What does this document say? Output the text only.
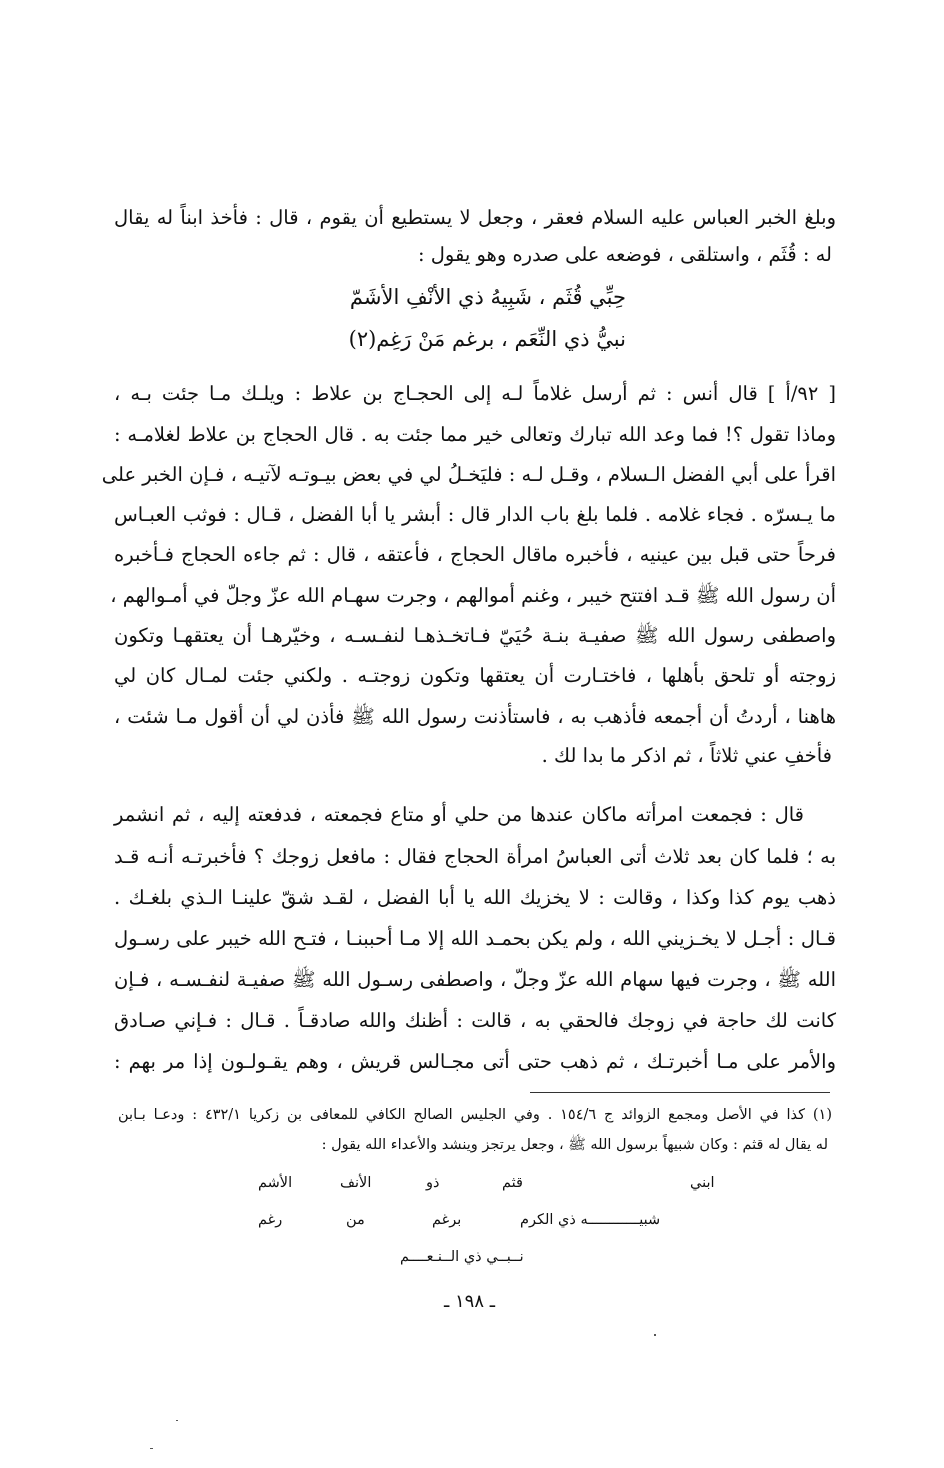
وبلغ الخبر العباس عليه السلام فعقر ، وجعل لا يستطيع أن يقوم ، قال : فأخذ ابناً له يقال
له : قُثَم ، واستلقى ، فوضعه على صدره وهو يقول :
حِبِّي قُثَم ، شَبِيهُ ذي الأنْفِ الأشَمّ
نبيُّ ذي النِّعَم ، برغم مَنْ رَغِم(٢)
[ ٩٢/أ ] قال أنس : ثم أرسل غلاماً لـه إلى الحجـاج بن علاط : ويلـك مـا جئت بـه ،
وماذا تقول ؟! فما وعد الله تبارك وتعالى خير مما جئت به . قال الحجاج بن علاط لغلامـه :
اقرأ على أبي الفضل الـسلام ، وقـل لـه : فليَخـلُ لي في بعض بيـوتـه لآتيـه ، فـإن الخبر على
ما يـسرّه . فجاء غلامه . فلما بلغ باب الدار قال : أبشر يا أبا الفضل ، قـال : فوثب العبـاس
فرحاً حتى قبل بين عينيه ، فأخبره ماقال الحجاج ، فأعتقه ، قال : ثم جاءه الحجاج فـأخبره
أن رسول الله ﷺ قـد افتتح خيبر ، وغنم أموالهم ، وجرت سهـام الله عزّ وجلّ في أمـوالهم ،
واصطفى رسول الله ﷺ صفيـة بنـة حُيَيّ فـاتخـذهـا لنفـسـه ، وخيّرهـا أن يعتقهـا وتكون
زوجته أو تلحق بأهلها ، فاختـارت أن يعتقها وتكون زوجتـه . ولكني جئت لمـال كان لي
هاهنا ، أردتُ أن أجمعه فأذهب به ، فاستأذنت رسول الله ﷺ فأذن لي أن أقول مـا شئت ،
فأخفِ عني ثلاثاً ، ثم اذكر ما بدا لك .
قال : فجمعت امرأته ماكان عندها من حلي أو متاع فجمعته ، فدفعته إليه ، ثم انشمر
به ؛ فلما كان بعد ثلاث أتى العباسُ امرأة الحجاج فقال : مافعل زوجك ؟ فأخبرتـه أنـه قـد
ذهب يوم كذا وكذا ، وقالت : لا يخزيك الله يا أبا الفضل ، لقـد شقّ علينـا الـذي بلغـك .
قـال : أجـل لا يخـزيني الله ، ولم يكن بحمـد الله إلا مـا أحببنـا ، فتـح الله خيبر على رسـول
الله ﷺ ، وجرت فيها سهام الله عزّ وجلّ ، واصطفى رسـول الله ﷺ صفيـة لنفـسـه ، فـإن
كانت لك حاجة في زوجك فالحقي به ، قالت : أظنك والله صادقـاً . قـال : فـإني صـادق
والأمر على مـا أخبرتـك ، ثم ذهب حتى أتى مجـالس قريش ، وهم يقـولـون إذا مر بهم :
(١) كذا في الأصل ومجمع الزوائد ج ١٥٤/٦ . وفي الجليس الصالح الكافي للمعافى بن زكريا ٤٣٢/١ : ودعـا بـابن
له يقال له قثم : وكان شبيهاً برسول الله ﷺ ، وجعل يرتجز وينشد والأعداء الله يقول :
ابني
قثم
ذو
الأنف
الأشم
شبيــــــــــــه ذي الكرم
برغم
من
رغم
نــبــي ذي الــنـعــــم
ـ ١٩٨ ـ
